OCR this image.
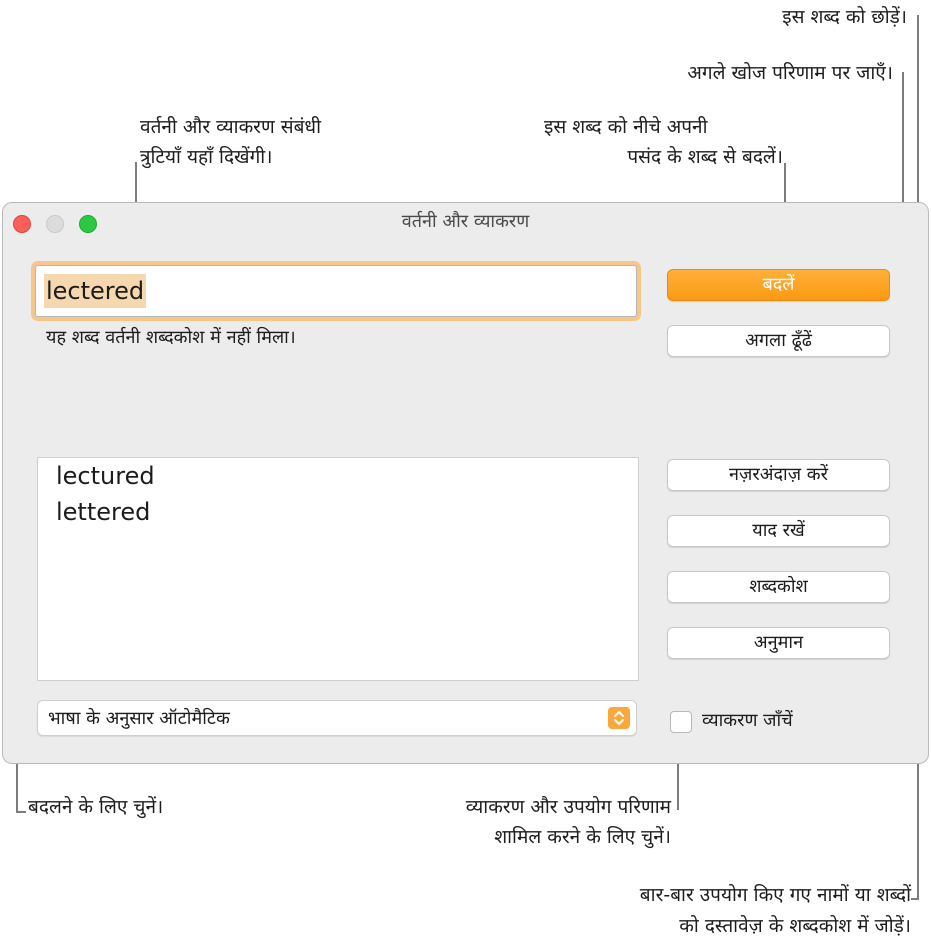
इस शब्द को छोड़ें।
अगले खोज परिणाम पर जाएँ।
वर्तनी और व्याकरण संबंधी
त्रुटियाँ यहाँ दिखेंगी।
इस शब्द को नीचे अपनी
पसंद के शब्द से बदलें।
बदलने के लिए चुनें।	व्याकरण और उपयोग परिणाम
शामिल करने के लिए चुनें।
बार-बार उपयोग किए गए नामों या शब्दों
को दस्तावेज़ के शब्दकोश में जोड़ें।
वर्तनी और व्याकरण
lectered
यह शब्द वर्तनी शब्दकोश में नहीं मिला।
बदलें
अगला ढूँढें
नज़रअंदाज़ करें
याद रखें
शब्दकोश
अनुमान
lectured
lettered
भाषा के अनुसार ऑटोमैटिक	व्याकरण जाँचें
